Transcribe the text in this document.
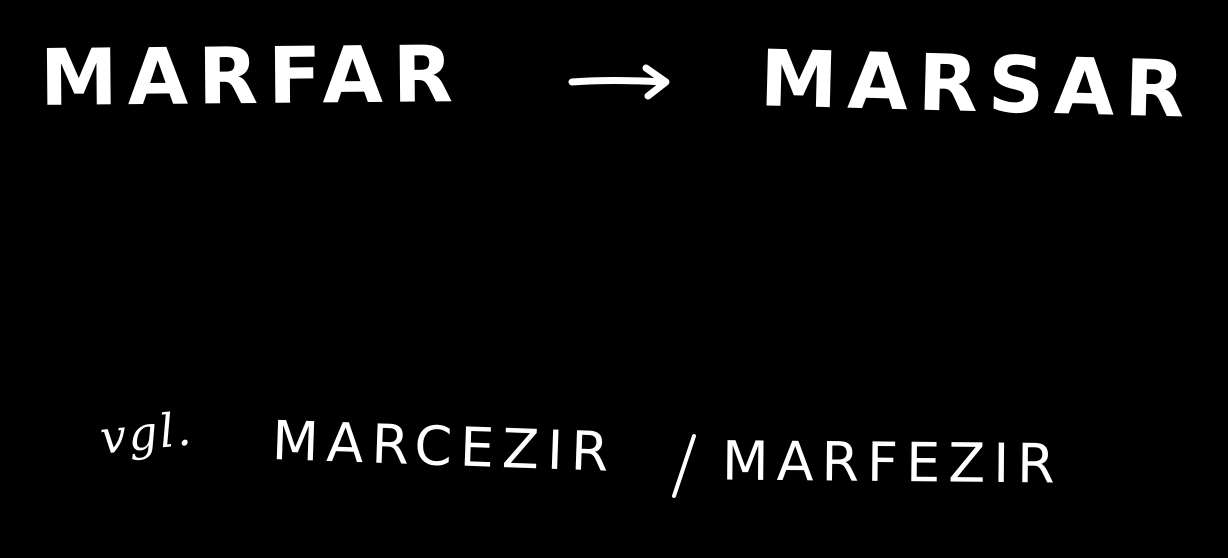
MARFAR	MARSAR
vgl. MARCEZIR MARFEZIR
